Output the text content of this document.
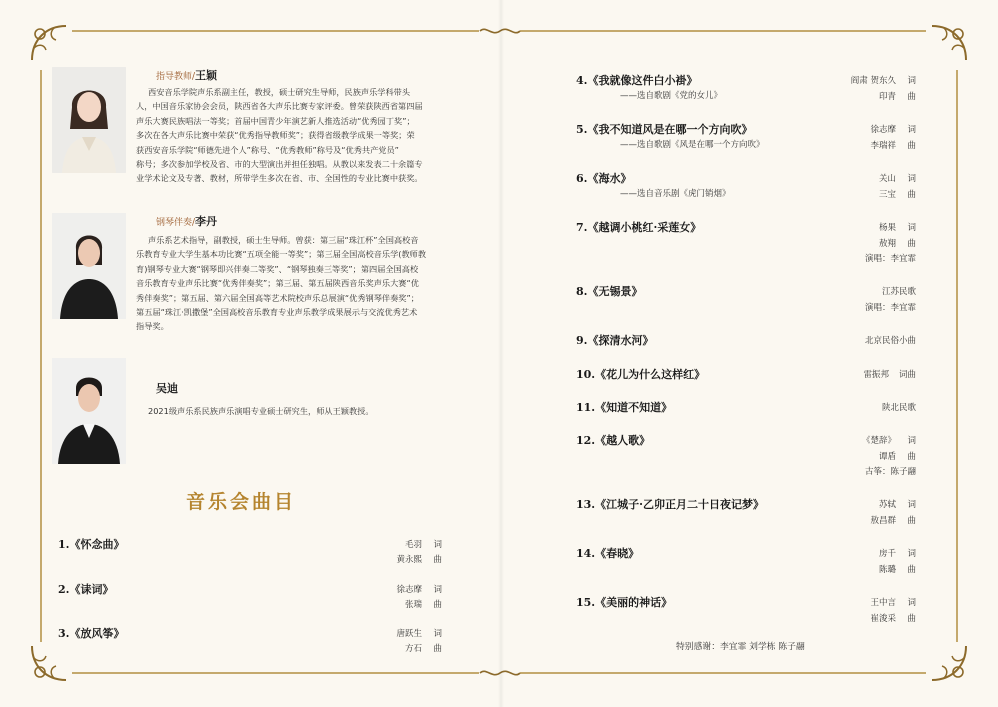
指导教师/王颖
西安音乐学院声乐系副主任，教授，硕士研究生导师，民族声乐学科带头
人，中国音乐家协会会员，陕西省各大声乐比赛专家评委。曾荣获陕西省第四届
声乐大赛民族唱法一等奖；首届中国青少年演艺新人推选活动“优秀园丁奖”；
多次在各大声乐比赛中荣获“优秀指导教师奖”；获得省级教学成果一等奖；荣
获西安音乐学院“师德先进个人”称号、“优秀教师”称号及“优秀共产党员”
称号；多次参加学校及省、市的大型演出并担任独唱。从教以来发表二十余篇专
业学术论文及专著、教材，所带学生多次在省、市、全国性的专业比赛中获奖。
钢琴伴奏/李丹
声乐系艺术指导，副教授，硕士生导师。曾获：第三届“珠江杯”全国高校音
乐教育专业大学生基本功比赛“五项全能一等奖”；第三届全国高校音乐学(教师教
育)钢琴专业大赛“钢琴即兴伴奏二等奖”、“钢琴独奏三等奖”；第四届全国高校
音乐教育专业声乐比赛“优秀伴奏奖”；第三届、第五届陕西音乐奖声乐大赛“优
秀伴奏奖”；第五届、第六届全国高等艺术院校声乐总展演“优秀钢琴伴奏奖”；
第五届“珠江·凯撒堡”全国高校音乐教育专业声乐教学成果展示与交流优秀艺术
指导奖。
吴迪
2021级声乐系民族声乐演唱专业硕士研究生，师从王颖教授。
音乐会曲目
1.《怀念曲》	毛羽 词
黄永熙 曲
2.《诔词》	徐志摩 词
张瑞 曲
3.《放风筝》	唐跃生 词
方石 曲
4.《我就像这件白小褂》
——选自歌剧《党的女儿》
阎肃 贺东久 词
印青 曲
5.《我不知道风是在哪一个方向吹》
——选自歌剧《风是在哪一个方向吹》
徐志摩 词
李瑞祥 曲
6.《海水》
——选自音乐剧《虎门销烟》
关山 词
三宝 曲
7.《越调小桃红·采莲女》	杨果 词
敖翔 曲
演唱：李宜霏
8.《无锡景》	江苏民歌
演唱：李宜霏
9.《探清水河》	北京民俗小曲
10.《花儿为什么这样红》	雷振邦 词曲
11.《知道不知道》	陕北民歌
12.《越人歌》	《楚辞》 词
谭盾 曲
古筝：陈子翮
13.《江城子·乙卯正月二十日夜记梦》	苏轼 词
敖昌群 曲
14.《春晓》	房千 词
陈璐 曲
15.《美丽的神话》	王中言 词
崔浚采 曲
特别感谢：李宜霏 刘学栋 陈子翮
